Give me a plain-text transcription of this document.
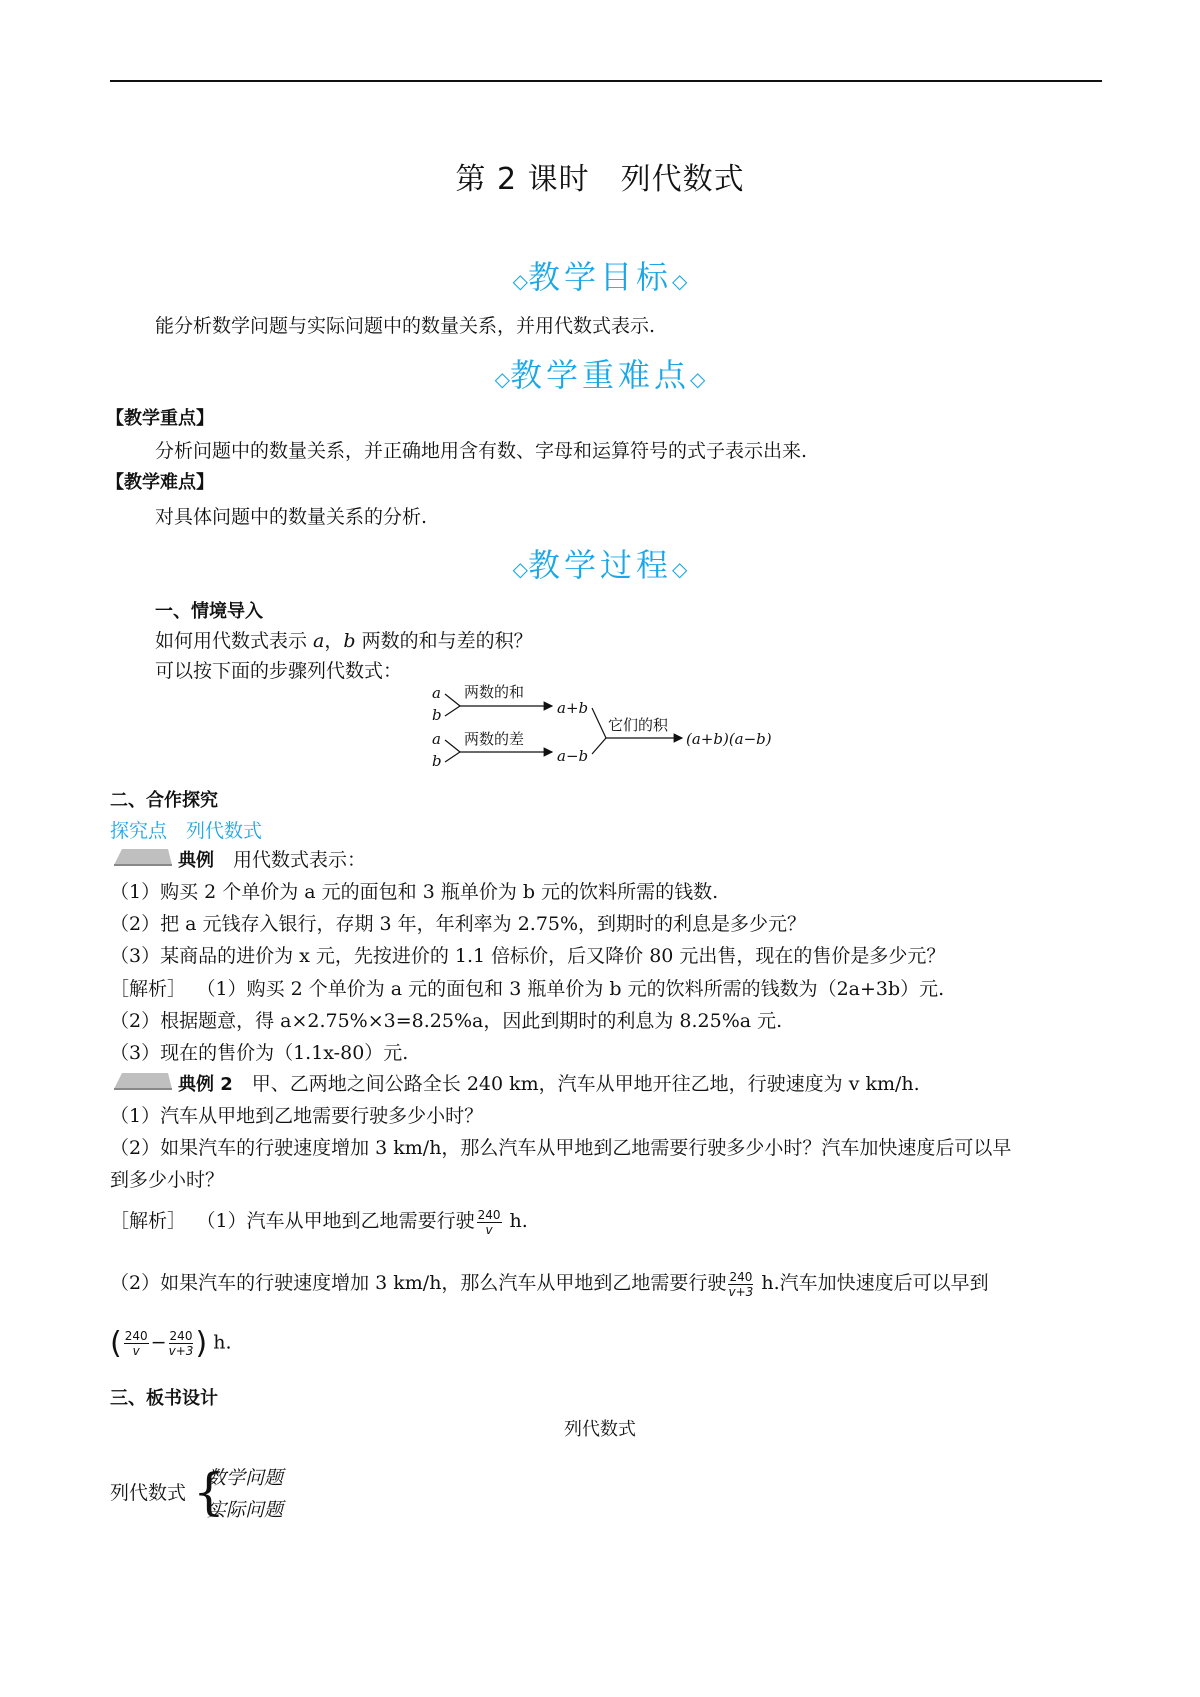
第 2 课时　列代数式
◇教学目标◇
能分析数学问题与实际问题中的数量关系，并用代数式表示.
◇教学重难点◇
【教学重点】
分析问题中的数量关系，并正确地用含有数、字母和运算符号的式子表示出来.
【教学难点】
对具体问题中的数量关系的分析.
◇教学过程◇
一、情境导入
如何用代数式表示 a，b 两数的和与差的积？
可以按下面的步骤列代数式：
a
b
a
b
两数的和
两数的差
a+b
a−b
它们的积
(a+b)(a−b)
二、合作探究
探究点　列代数式
典例　用代数式表示：
（1）购买 2 个单价为 a 元的面包和 3 瓶单价为 b 元的饮料所需的钱数.
（2）把 a 元钱存入银行，存期 3 年，年利率为 2.75%，到期时的利息是多少元？
（3）某商品的进价为 x 元，先按进价的 1.1 倍标价，后又降价 80 元出售，现在的售价是多少元？
［解析］ （1）购买 2 个单价为 a 元的面包和 3 瓶单价为 b 元的饮料所需的钱数为（2a+3b）元.
（2）根据题意，得 a×2.75%×3=8.25%a，因此到期时的利息为 8.25%a 元.
（3）现在的售价为（1.1x-80）元.
典例 2　甲、乙两地之间公路全长 240 km，汽车从甲地开往乙地，行驶速度为 v km/h.
（1）汽车从甲地到乙地需要行驶多少小时？
（2）如果汽车的行驶速度增加 3 km/h，那么汽车从甲地到乙地需要行驶多少小时？汽车加快速度后可以早
到多少小时？
［解析］ （1）汽车从甲地到乙地需要行驶 $\frac{240}{v} h$.
（2）如果汽车的行驶速度增加 3 km/h，那么汽车从甲地到乙地需要行驶 $\frac{240}{v+3} h$.汽车加快速度后可以早到
( $\frac{240}{v} - \frac{240}{v+3}$ ) h.
三、板书设计
列代数式
列代数式 {
数学问题
实际问题
